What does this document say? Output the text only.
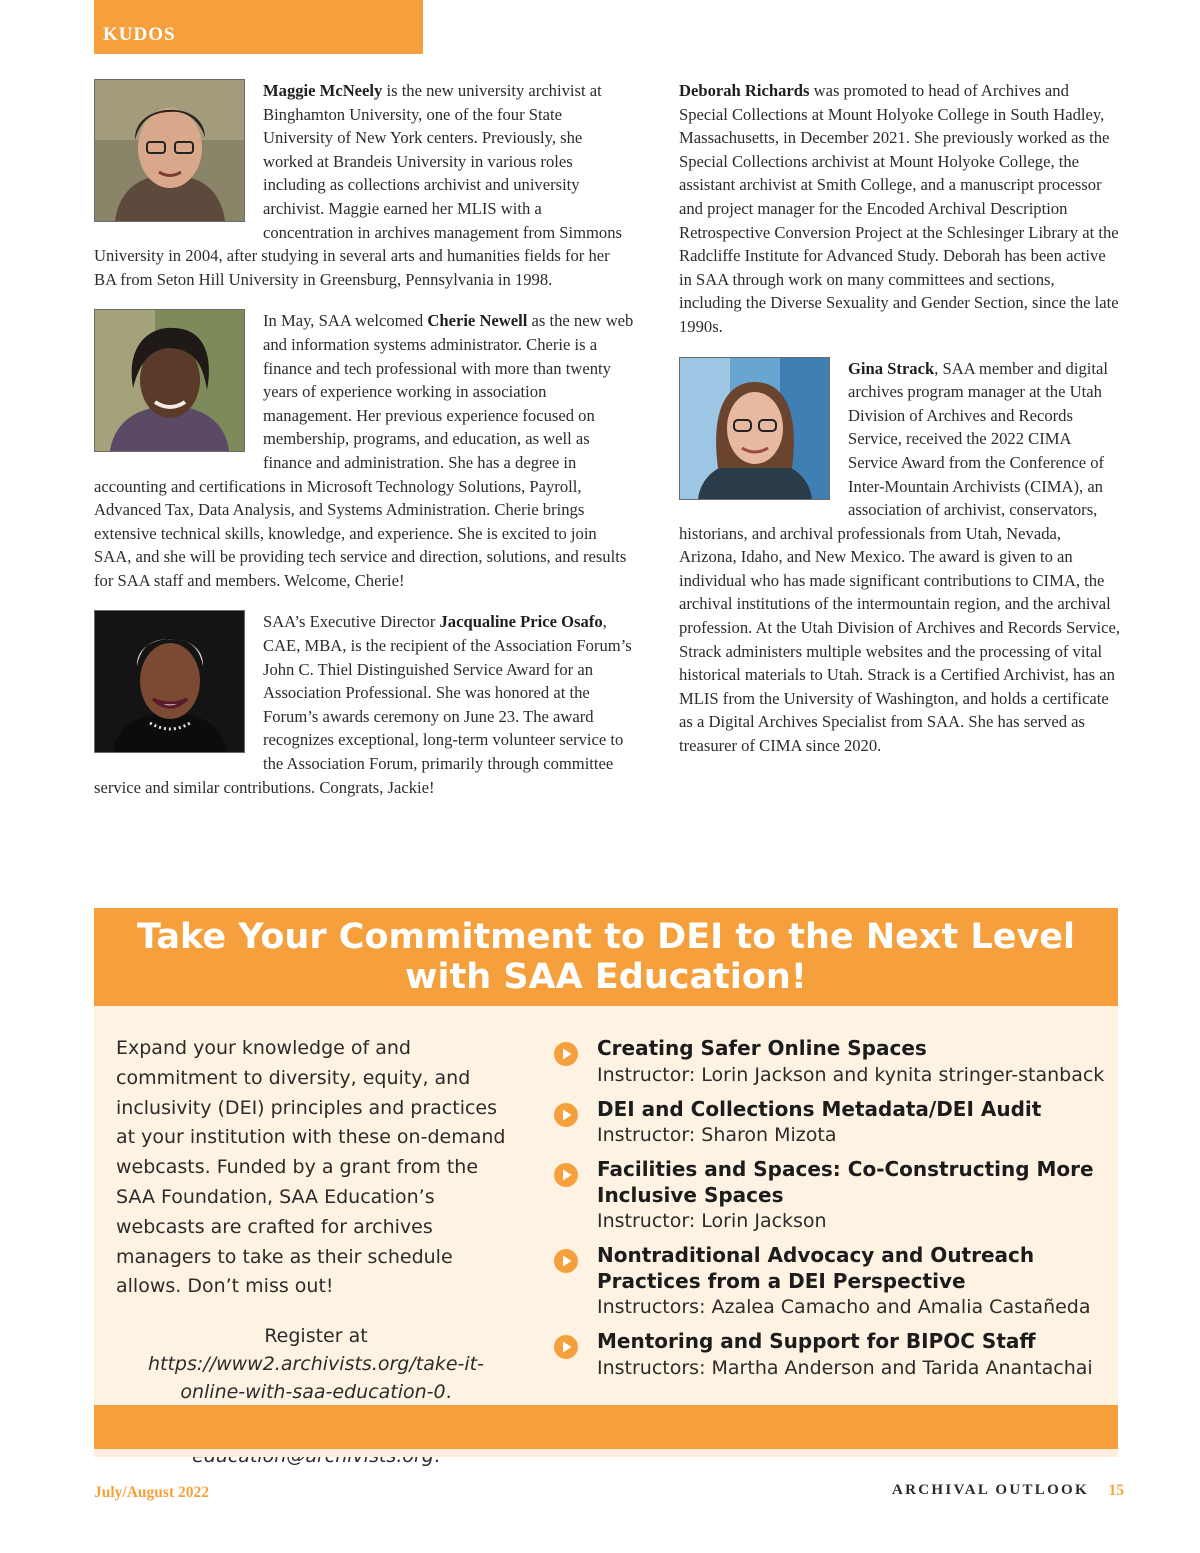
KUDOS

Maggie McNeely is the new university archivist at Binghamton University, one of the four State University of New York centers. Previously, she worked at Brandeis University in various roles including as collections archivist and university archivist. Maggie earned her MLIS with a concentration in archives management from Simmons University in 2004, after studying in several arts and humanities fields for her BA from Seton Hill University in Greensburg, Pennsylvania in 1998.

In May, SAA welcomed Cherie Newell as the new web and information systems administrator. Cherie is a finance and tech professional with more than twenty years of experience working in association management. Her previous experience focused on membership, programs, and education, as well as finance and administration. She has a degree in accounting and certifications in Microsoft Technology Solutions, Payroll, Advanced Tax, Data Analysis, and Systems Administration. Cherie brings extensive technical skills, knowledge, and experience. She is excited to join SAA, and she will be providing tech service and direction, solutions, and results for SAA staff and members. Welcome, Cherie!

SAA’s Executive Director Jacqualine Price Osafo, CAE, MBA, is the recipient of the Association Forum’s John C. Thiel Distinguished Service Award for an Association Professional. She was honored at the Forum’s awards ceremony on June 23. The award recognizes exceptional, long-term volunteer service to the Association Forum, primarily through committee service and similar contributions. Congrats, Jackie!

Deborah Richards was promoted to head of Archives and Special Collections at Mount Holyoke College in South Hadley, Massachusetts, in December 2021. She previously worked as the Special Collections archivist at Mount Holyoke College, the assistant archivist at Smith College, and a manuscript processor and project manager for the Encoded Archival Description Retrospective Conversion Project at the Schlesinger Library at the Radcliffe Institute for Advanced Study. Deborah has been active in SAA through work on many committees and sections, including the Diverse Sexuality and Gender Section, since the late 1990s.

Gina Strack, SAA member and digital archives program manager at the Utah Division of Archives and Records Service, received the 2022 CIMA Service Award from the Conference of Inter-Mountain Archivists (CIMA), an association of archivist, conservators, historians, and archival professionals from Utah, Nevada, Arizona, Idaho, and New Mexico. The award is given to an individual who has made significant contributions to CIMA, the archival institutions of the intermountain region, and the archival profession. At the Utah Division of Archives and Records Service, Strack administers multiple websites and the processing of vital historical materials to Utah. Strack is a Certified Archivist, has an MLIS from the University of Washington, and holds a certificate as a Digital Archives Specialist from SAA. She has served as treasurer of CIMA since 2020.

Take Your Commitment to DEI to the Next Level
with SAA Education!

Expand your knowledge of and commitment to diversity, equity, and inclusivity (DEI) principles and practices at your institution with these on-demand webcasts. Funded by a grant from the SAA Foundation, SAA Education’s webcasts are crafted for archives managers to take as their schedule allows. Don’t miss out!

Register at https://www2.archivists.org/take-it-online-with-saa-education-0.

Creating Safer Online Spaces
Instructor: Lorin Jackson and kynita stringer-stanback
DEI and Collections Metadata/DEI Audit
Instructor: Sharon Mizota
Facilities and Spaces: Co-Constructing More Inclusive Spaces
Instructor: Lorin Jackson
Nontraditional Advocacy and Outreach Practices from a DEI Perspective
Instructors: Azalea Camacho and Amalia Castañeda
Mentoring and Support for BIPOC Staff
Instructors: Martha Anderson and Tarida Anantachai
July/August 2022	ARCHIVAL OUTLOOK 15
